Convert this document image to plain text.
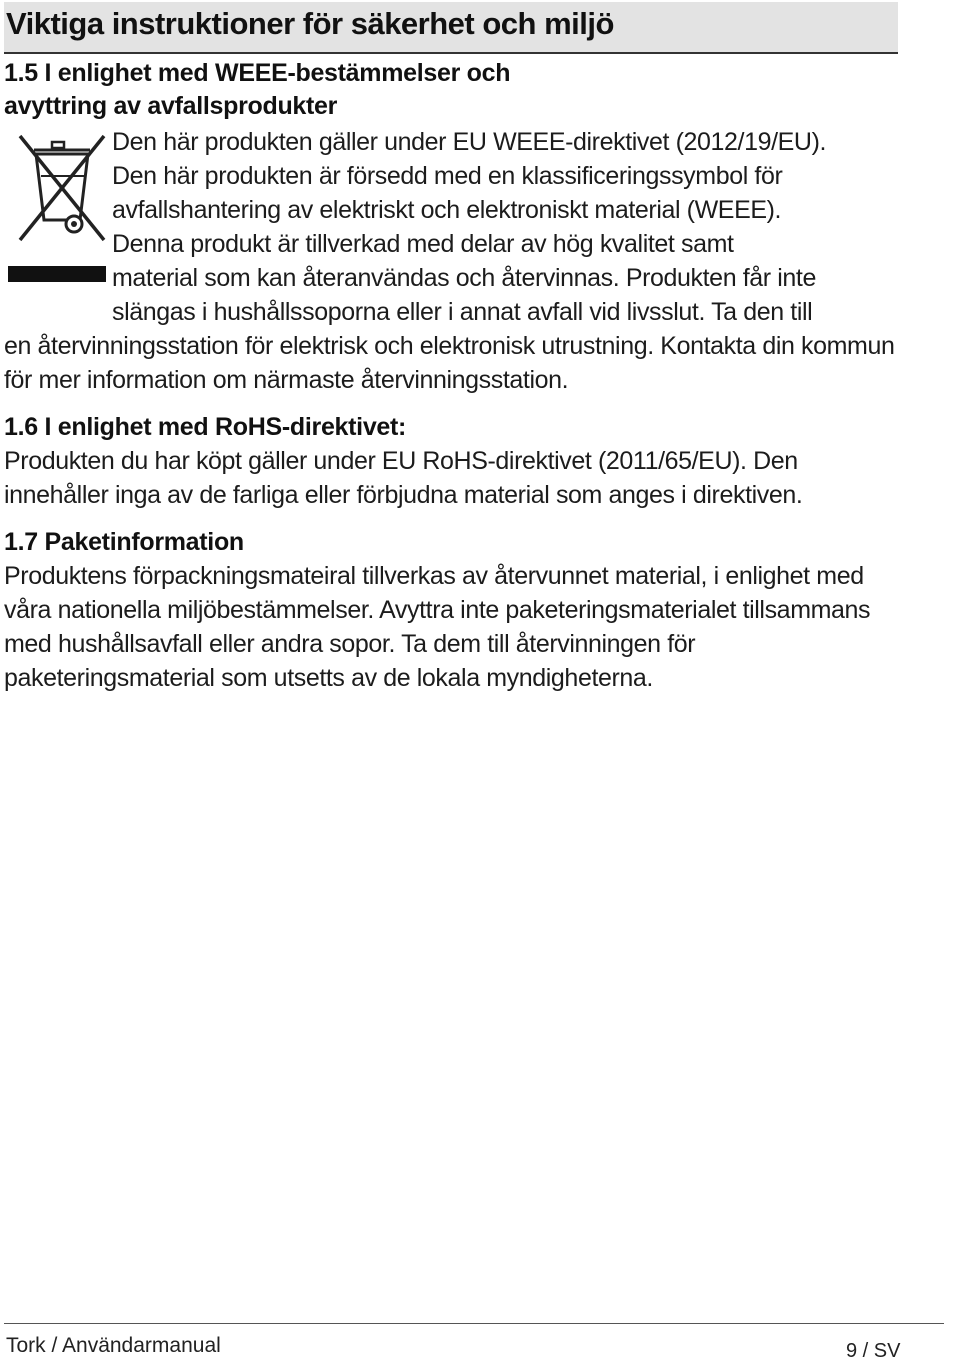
Viktiga instruktioner för säkerhet och miljö
1.5 I enlighet med WEEE-bestämmelser och
avyttring av avfallsprodukter
Den här produkten gäller under EU WEEE-direktivet (2012/19/EU).
Den här produkten är försedd med en klassificeringssymbol för
avfallshantering av elektriskt och elektroniskt material (WEEE).
Denna produkt är tillverkad med delar av hög kvalitet samt
material som kan återanvändas och återvinnas. Produkten får inte
slängas i hushållssoporna eller i annat avfall vid livsslut. Ta den till
en återvinningsstation för elektrisk och elektronisk utrustning. Kontakta din kommun för mer information om närmaste återvinningsstation.
1.6 I enlighet med RoHS-direktivet:
Produkten du har köpt gäller under EU RoHS-direktivet (2011/65/EU). Den innehåller inga av de farliga eller förbjudna material som anges i direktiven.
1.7 Paketinformation
Produktens förpackningsmateiral tillverkas av återvunnet material, i enlighet med våra nationella miljöbestämmelser. Avyttra inte paketeringsmaterialet tillsammans med hushållsavfall eller andra sopor. Ta dem till återvinningen för paketeringsmaterial som utsetts av de lokala myndigheterna.
Tork / Användarmanual	9 / SV
